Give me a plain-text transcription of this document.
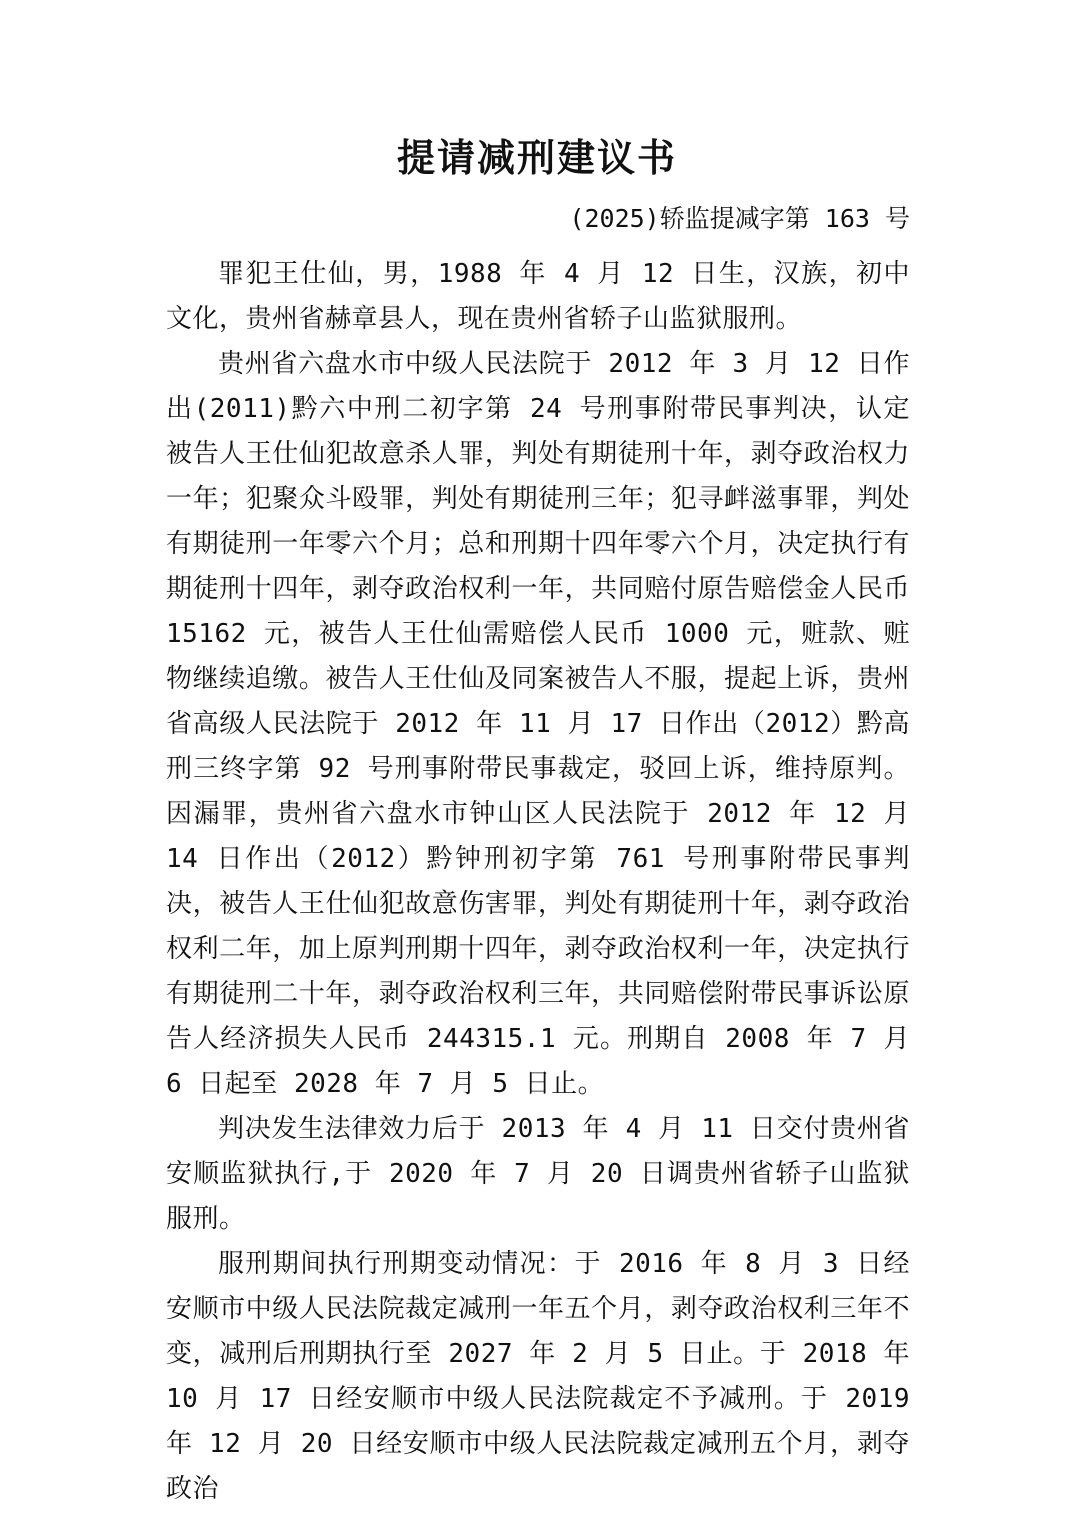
提请减刑建议书
(2025)轿监提减字第 163 号

罪犯王仕仙，男，1988 年 4 月 12 日生，汉族，初中文化，贵州省赫章县人，现在贵州省轿子山监狱服刑。

贵州省六盘水市中级人民法院于 2012 年 3 月 12 日作出(2011)黔六中刑二初字第 24 号刑事附带民事判决，认定被告人王仕仙犯故意杀人罪，判处有期徒刑十年，剥夺政治权力一年；犯聚众斗殴罪，判处有期徒刑三年；犯寻衅滋事罪，判处有期徒刑一年零六个月；总和刑期十四年零六个月，决定执行有期徒刑十四年，剥夺政治权利一年，共同赔付原告赔偿金人民币 15162 元，被告人王仕仙需赔偿人民币 1000 元，赃款、赃物继续追缴。被告人王仕仙及同案被告人不服，提起上诉，贵州省高级人民法院于 2012 年 11 月 17 日作出（2012）黔高刑三终字第 92 号刑事附带民事裁定，驳回上诉，维持原判。因漏罪，贵州省六盘水市钟山区人民法院于 2012 年 12 月 14 日作出（2012）黔钟刑初字第 761 号刑事附带民事判决，被告人王仕仙犯故意伤害罪，判处有期徒刑十年，剥夺政治权利二年，加上原判刑期十四年，剥夺政治权利一年，决定执行有期徒刑二十年，剥夺政治权利三年，共同赔偿附带民事诉讼原告人经济损失人民币 244315.1 元。刑期自 2008 年 7 月 6 日起至 2028 年 7 月 5 日止。

判决发生法律效力后于 2013 年 4 月 11 日交付贵州省安顺监狱执行,于 2020 年 7 月 20 日调贵州省轿子山监狱服刑。

服刑期间执行刑期变动情况：于 2016 年 8 月 3 日经安顺市中级人民法院裁定减刑一年五个月，剥夺政治权利三年不变，减刑后刑期执行至 2027 年 2 月 5 日止。于 2018 年 10 月 17 日经安顺市中级人民法院裁定不予减刑。于 2019 年 12 月 20 日经安顺市中级人民法院裁定减刑五个月，剥夺政治
